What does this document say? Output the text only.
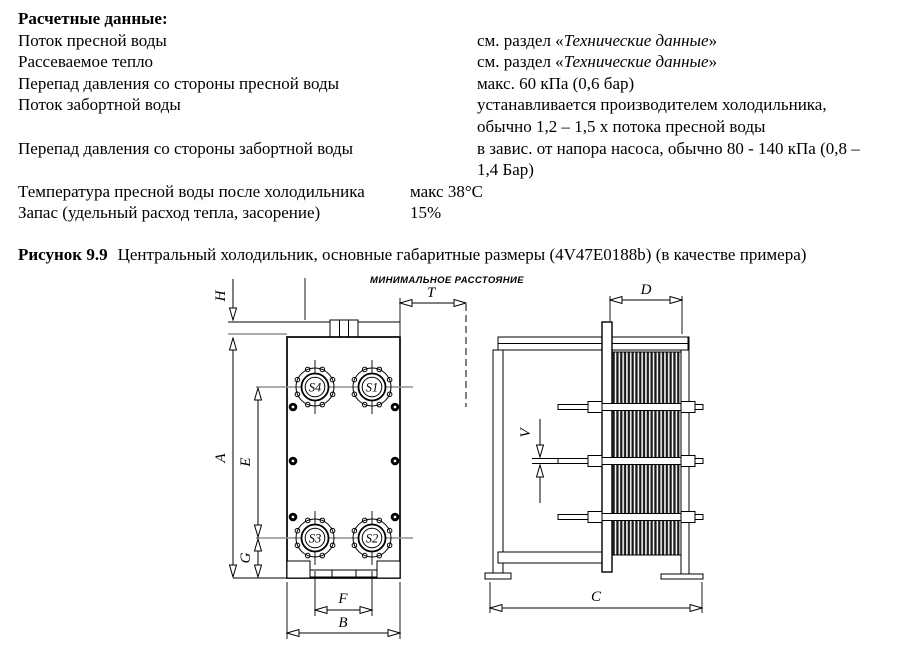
Расчетные данные:
Поток пресной воды	см. раздел «Технические данные»
Рассеваемое тепло	см. раздел «Технические данные»
Перепад давления со стороны пресной воды	макс. 60 кПа (0,6 бар)
Поток забортной воды	устанавливается производителем холодильника,
обычно 1,2 – 1,5 х потока пресной воды
Перепад давления со стороны забортной воды	в завис. от напора насоса, обычно 80 - 140 кПа (0,8 –
1,4 Бар)
Температура пресной воды после холодильника	макс 38°С
Запас (удельный расход тепла, засорение)	15%
Рисунок 9.9 Центральный холодильник, основные габаритные размеры (4V47E0188b) (в качестве примера)
МИНИМАЛЬНОЕ РАССТОЯНИЕ
S4	S1
S3	S2
H
A E
G
T
F
B
D
V
C
